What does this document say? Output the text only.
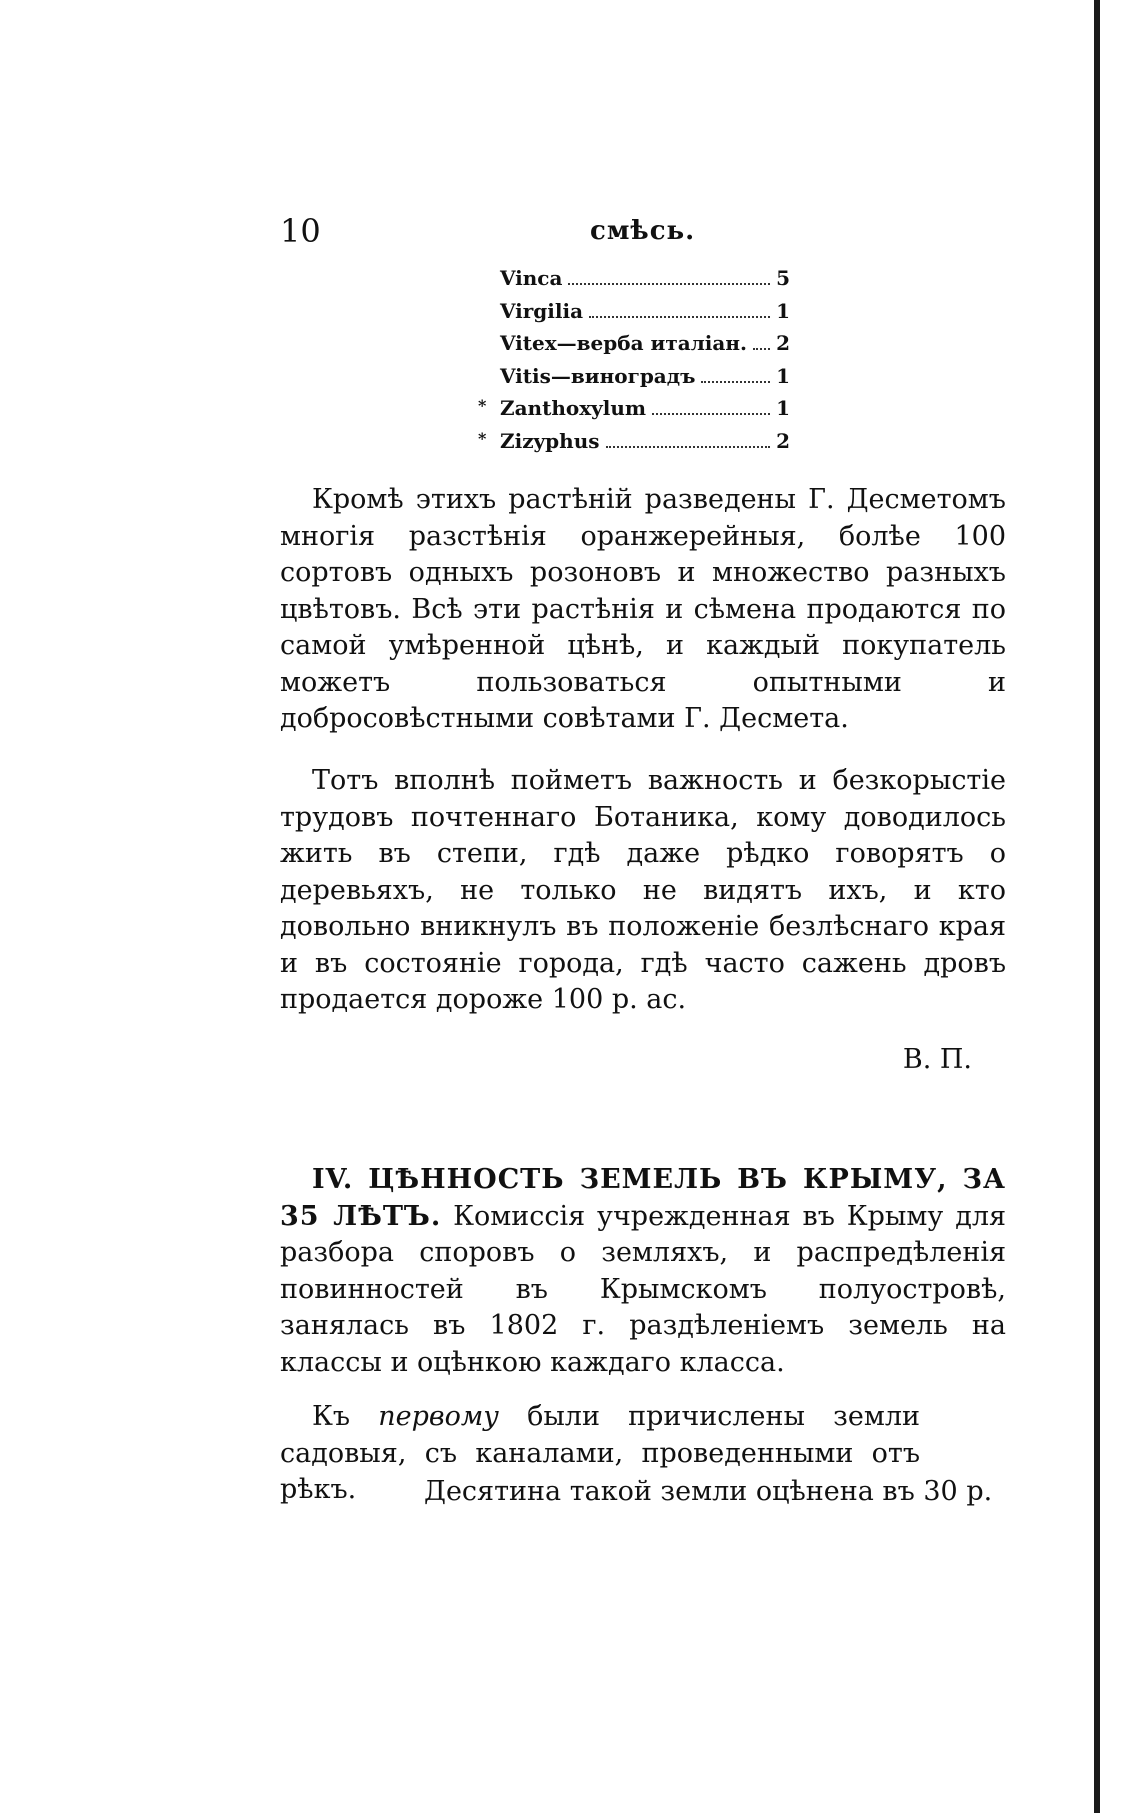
10	смѣсь.
Vinca	5
Virgilia	1
Vitex—верба италіан. 2
Vitis—виноградъ	1
* Zanthoxylum	1
* Zizyphus	2

Кромѣ этихъ растѣній разведены Г. Десметомъ многія разстѣнія оранжерейныя, болѣе 100 сортовъ одныхъ розоновъ и множество разныхъ цвѣтовъ. Всѣ эти растѣнія и сѣмена продаются по самой умѣренной цѣнѣ, и каждый покупатель можетъ пользоваться опытными и добросовѣстными совѣтами Г. Десмета.

Тотъ вполнѣ пойметъ важность и безкорыстіе трудовъ почтеннаго Ботаника, кому доводилось жить въ степи, гдѣ даже рѣдко говорятъ о деревьяхъ, не только не видятъ ихъ, и кто довольно вникнулъ въ положеніе безлѣснаго края и въ состояніе города, гдѣ часто сажень дровъ продается дороже 100 р. ас.

В. П.

IV. ЦѢННОСТЬ ЗЕМЕЛЬ ВЪ КРЫМУ, ЗА 35 ЛѢТЪ. Комиссія учрежденная въ Крыму для разбора споровъ о земляхъ, и распредѣленія повинностей въ Крымскомъ полуостровѣ, занялась въ 1802 г. раздѣленіемъ земель на классы и оцѣнкою каждаго класса.

Къ первому были причислены земли садовыя, съ каналами, проведенными отъ рѣкъ.	Десятина такой земли оцѣнена въ 30 р.
